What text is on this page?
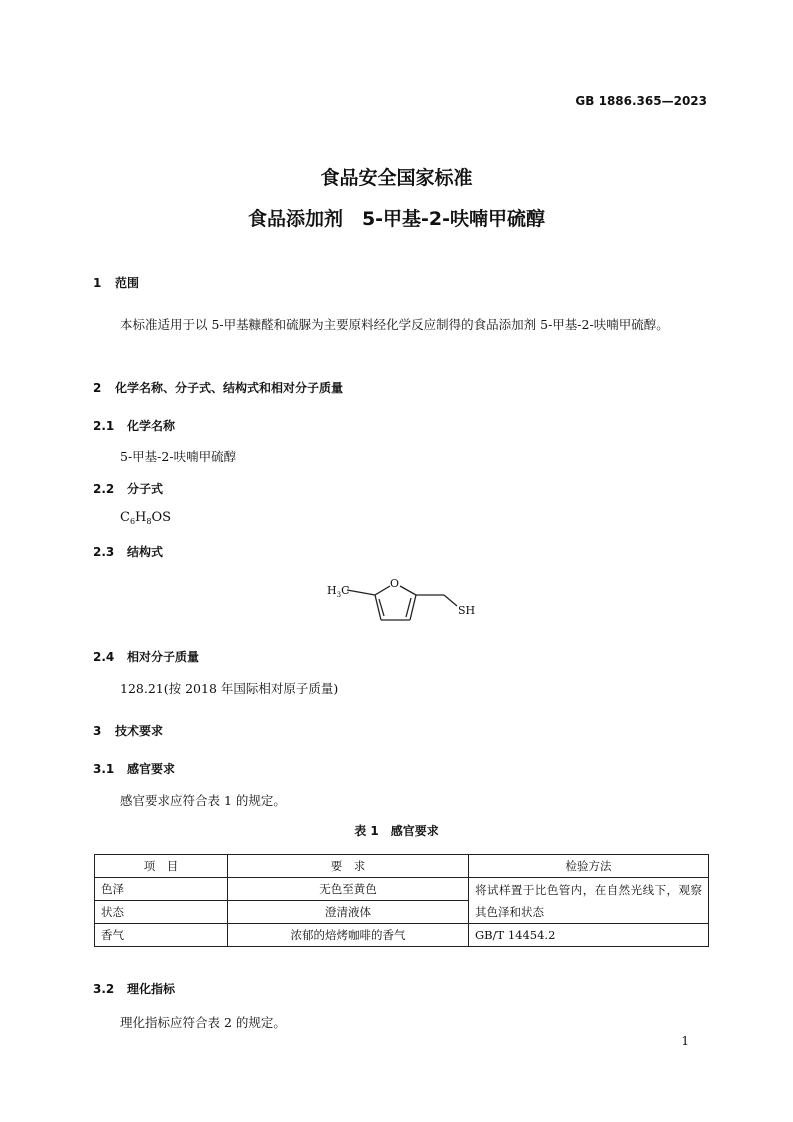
GB 1886.365—2023
食品安全国家标准
食品添加剂　5-甲基-2-呋喃甲硫醇
1 范围
本标准适用于以 5-甲基糠醛和硫脲为主要原料经化学反应制得的食品添加剂 5-甲基-2-呋喃甲硫醇。
2 化学名称、分子式、结构式和相对分子质量
2.1 化学名称
5-甲基-2-呋喃甲硫醇
2.2 分子式
$C_6H_8OS$
2.3 结构式
$H_3C$
O
SH
2.4 相对分子质量
128.21(按 2018 年国际相对原子质量)
3 技术要求
3.1 感官要求
感官要求应符合表 1 的规定。
表 1　感官要求
项　目	要　求	检验方法
色泽	无色至黄色	将试样置于比色管内，在自然光线下，观察其色泽和状态
状态	澄清液体	
香气	浓郁的焙烤咖啡的香气	GB/T 14454.2
3.2 理化指标
理化指标应符合表 2 的规定。
1
